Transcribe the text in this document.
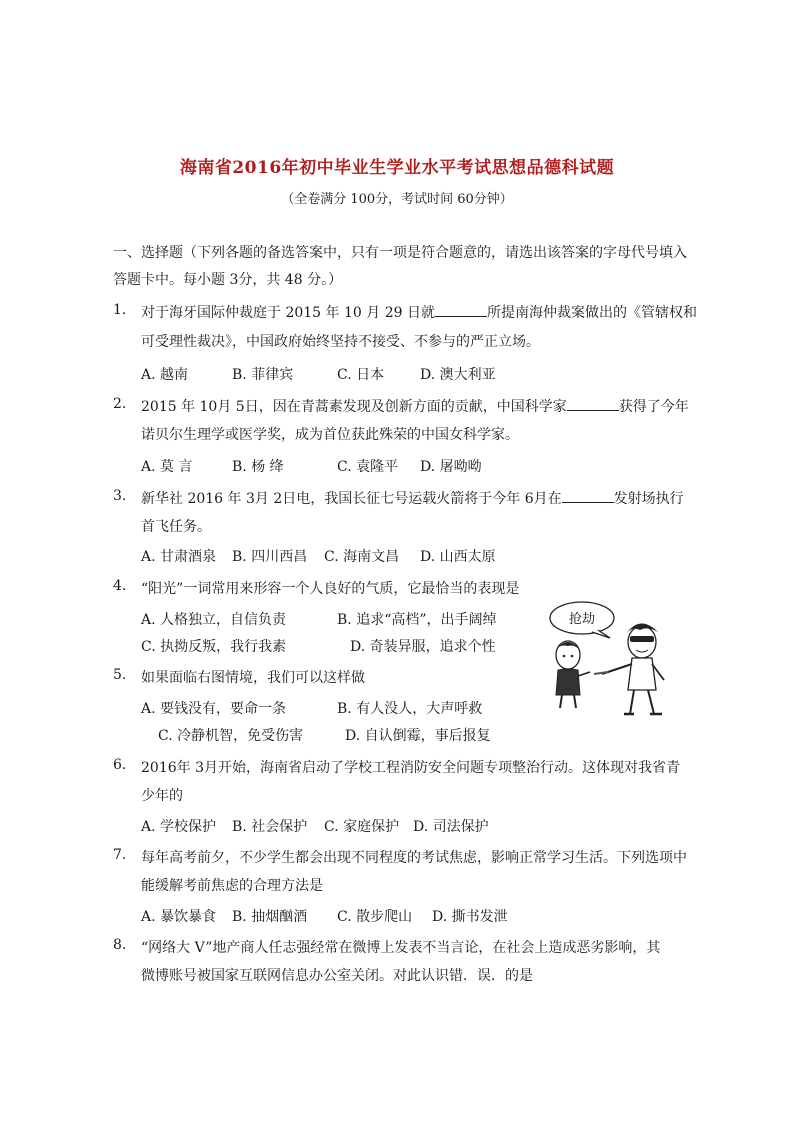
海南省2016年初中毕业生学业水平考试思想品德科试题
（全卷满分 100分，考试时间 60分钟）
一、选择题（下列各题的备选答案中，只有一项是符合题意的，请选出该答案的字母代号填入
答题卡中。每小题 3分，共 48 分。）
1. 对于海牙国际仲裁庭于 2015 年 10 月 29 日就	所提南海仲裁案做出的《管辖权和
可受理性裁决》，中国政府始终坚持不接受、不参与的严正立场。
A. 越南	B. 菲律宾	C. 日本	D. 澳大利亚
2. 2015 年 10月 5日，因在青蒿素发现及创新方面的贡献，中国科学家	获得了今年
诺贝尔生理学或医学奖，成为首位获此殊荣的中国女科学家。
A. 莫 言	B. 杨 绛	C. 袁隆平 D. 屠呦呦
3. 新华社 2016 年 3月 2日电，我国长征七号运载火箭将于今年 6月在	发射场执行
首飞任务。
A. 甘肃酒泉 B. 四川西昌 C. 海南文昌 D. 山西太原
4. “阳光”一词常用来形容一个人良好的气质，它最恰当的表现是
A. 人格独立，自信负责	B. 追求“高档”，出手阔绰
C. 执拗反叛，我行我素	D. 奇装异服，追求个性
5. 如果面临右图情境，我们可以这样做
A. 要钱没有，要命一条	B. 有人没人，大声呼救
C. 冷静机智，免受伤害	D. 自认倒霉，事后报复
抢劫
6. 2016年 3月开始，海南省启动了学校工程消防安全问题专项整治行动。这体现对我省青
少年的
A. 学校保护 B. 社会保护 C. 家庭保护 D. 司法保护
7. 每年高考前夕，不少学生都会出现不同程度的考试焦虑，影响正常学习生活。下列选项中
能缓解考前焦虑的合理方法是
A. 暴饮暴食 B. 抽烟酗酒 C. 散步爬山 D. 撕书发泄
8. “网络大 V”地产商人任志强经常在微博上发表不当言论，在社会上造成恶劣影响，其
微博账号被国家互联网信息办公室关闭。对此认识错．误．的是
